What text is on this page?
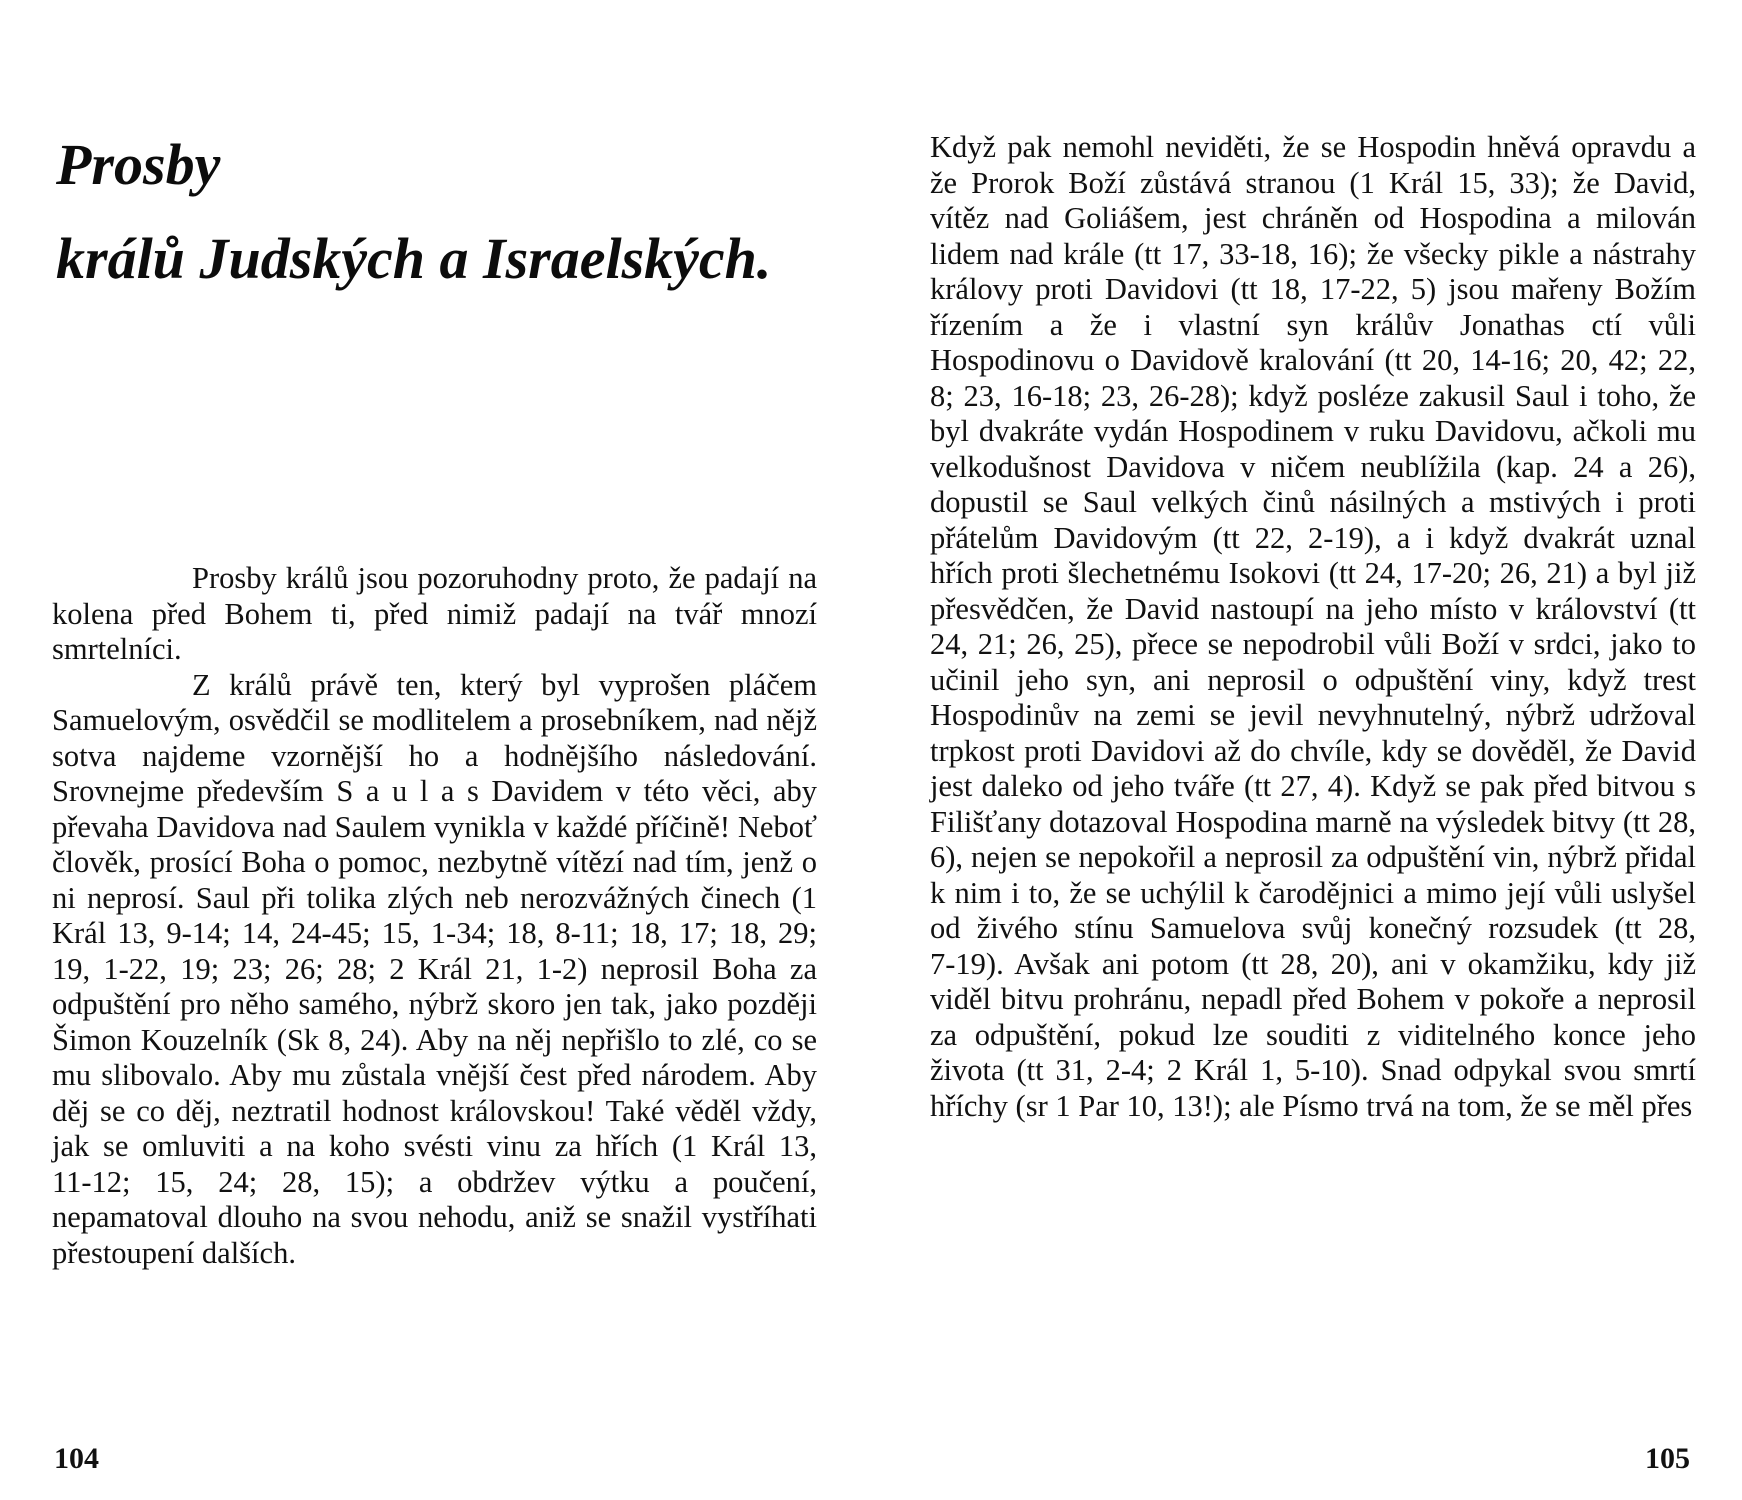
Prosby
králů Judských a Israelských.

Prosby králů jsou pozoruhodny proto, že padají na kolena před Bohem ti, před nimiž padají na tvář mnozí smrtelníci.

Z králů právě ten, který byl vyprošen pláčem Samuelovým, osvědčil se modlitelem a prosebníkem, nad nějž sotva najdeme vzornější ho a hodnějšího následování. Srovnejme především S a u l a s Davidem v této věci, aby převaha Davidova nad Saulem vynikla v každé příčině! Neboť člověk, prosící Boha o pomoc, nezbytně vítězí nad tím, jenž o ni neprosí. Saul při tolika zlých neb nerozvážných činech (1 Král 13, 9‑14; 14, 24‑45; 15, 1‑34; 18, 8‑11; 18, 17; 18, 29; 19, 1‑22, 19; 23; 26; 28; 2 Král 21, 1‑2) neprosil Boha za odpuštění pro něho samého, nýbrž skoro jen tak, jako později Šimon Kouzelník (Sk 8, 24). Aby na něj nepřišlo to zlé, co se mu slibovalo. Aby mu zůstala vnější čest před národem. Aby děj se co děj, neztratil hodnost královskou! Také věděl vždy, jak se omluviti a na koho svésti vinu za hřích (1 Král 13, 11‑12; 15, 24; 28, 15); a obdržev výtku a poučení, nepamatoval dlouho na svou nehodu, aniž se snažil vystříhati přestoupení dalších.

104

Když pak nemohl neviděti, že se Hospodin hněvá opravdu a že Prorok Boží zůstává stranou (1 Král 15, 33); že David, vítěz nad Goliášem, jest chráněn od Hospodina a milován lidem nad krále (tt 17, 33‑18, 16); že všecky pikle a nástrahy královy proti Davidovi (tt 18, 17‑22, 5) jsou mařeny Božím řízením a že i vlastní syn králův Jonathas ctí vůli Hospodinovu o Davidově kralování (tt 20, 14‑16; 20, 42; 22, 8; 23, 16‑18; 23, 26‑28); když posléze zakusil Saul i toho, že byl dvakráte vydán Hospodinem v ruku Davidovu, ačkoli mu velkodušnost Davidova v ničem neublížila (kap. 24 a 26), dopustil se Saul velkých činů násilných a mstivých i proti přátelům Davidovým (tt 22, 2‑19), a i když dvakrát uznal hřích proti šlechetnému Isokovi (tt 24, 17‑20; 26, 21) a byl již přesvědčen, že David nastoupí na jeho místo v království (tt 24, 21; 26, 25), přece se nepodrobil vůli Boží v srdci, jako to učinil jeho syn, ani neprosil o odpuštění viny, když trest Hospodinův na zemi se jevil nevyhnutelný, nýbrž udržoval trpkost proti Davidovi až do chvíle, kdy se dověděl, že David jest daleko od jeho tváře (tt 27, 4). Když se pak před bitvou s Filišťany dotazoval Hospodina marně na výsledek bitvy (tt 28, 6), nejen se nepokořil a neprosil za odpuštění vin, nýbrž přidal k nim i to, že se uchýlil k čarodějnici a mimo její vůli uslyšel od živého stínu Samuelova svůj konečný rozsudek (tt 28, 7‑19). Avšak ani potom (tt 28, 20), ani v okamžiku, kdy již viděl bitvu prohránu, nepadl před Bohem v pokoře a neprosil za odpuštění, pokud lze souditi z viditelného konce jeho života (tt 31, 2‑4; 2 Král 1, 5‑10). Snad odpykal svou smrtí hříchy (sr 1 Par 10, 13!); ale Písmo trvá na tom, že se měl přes

105
